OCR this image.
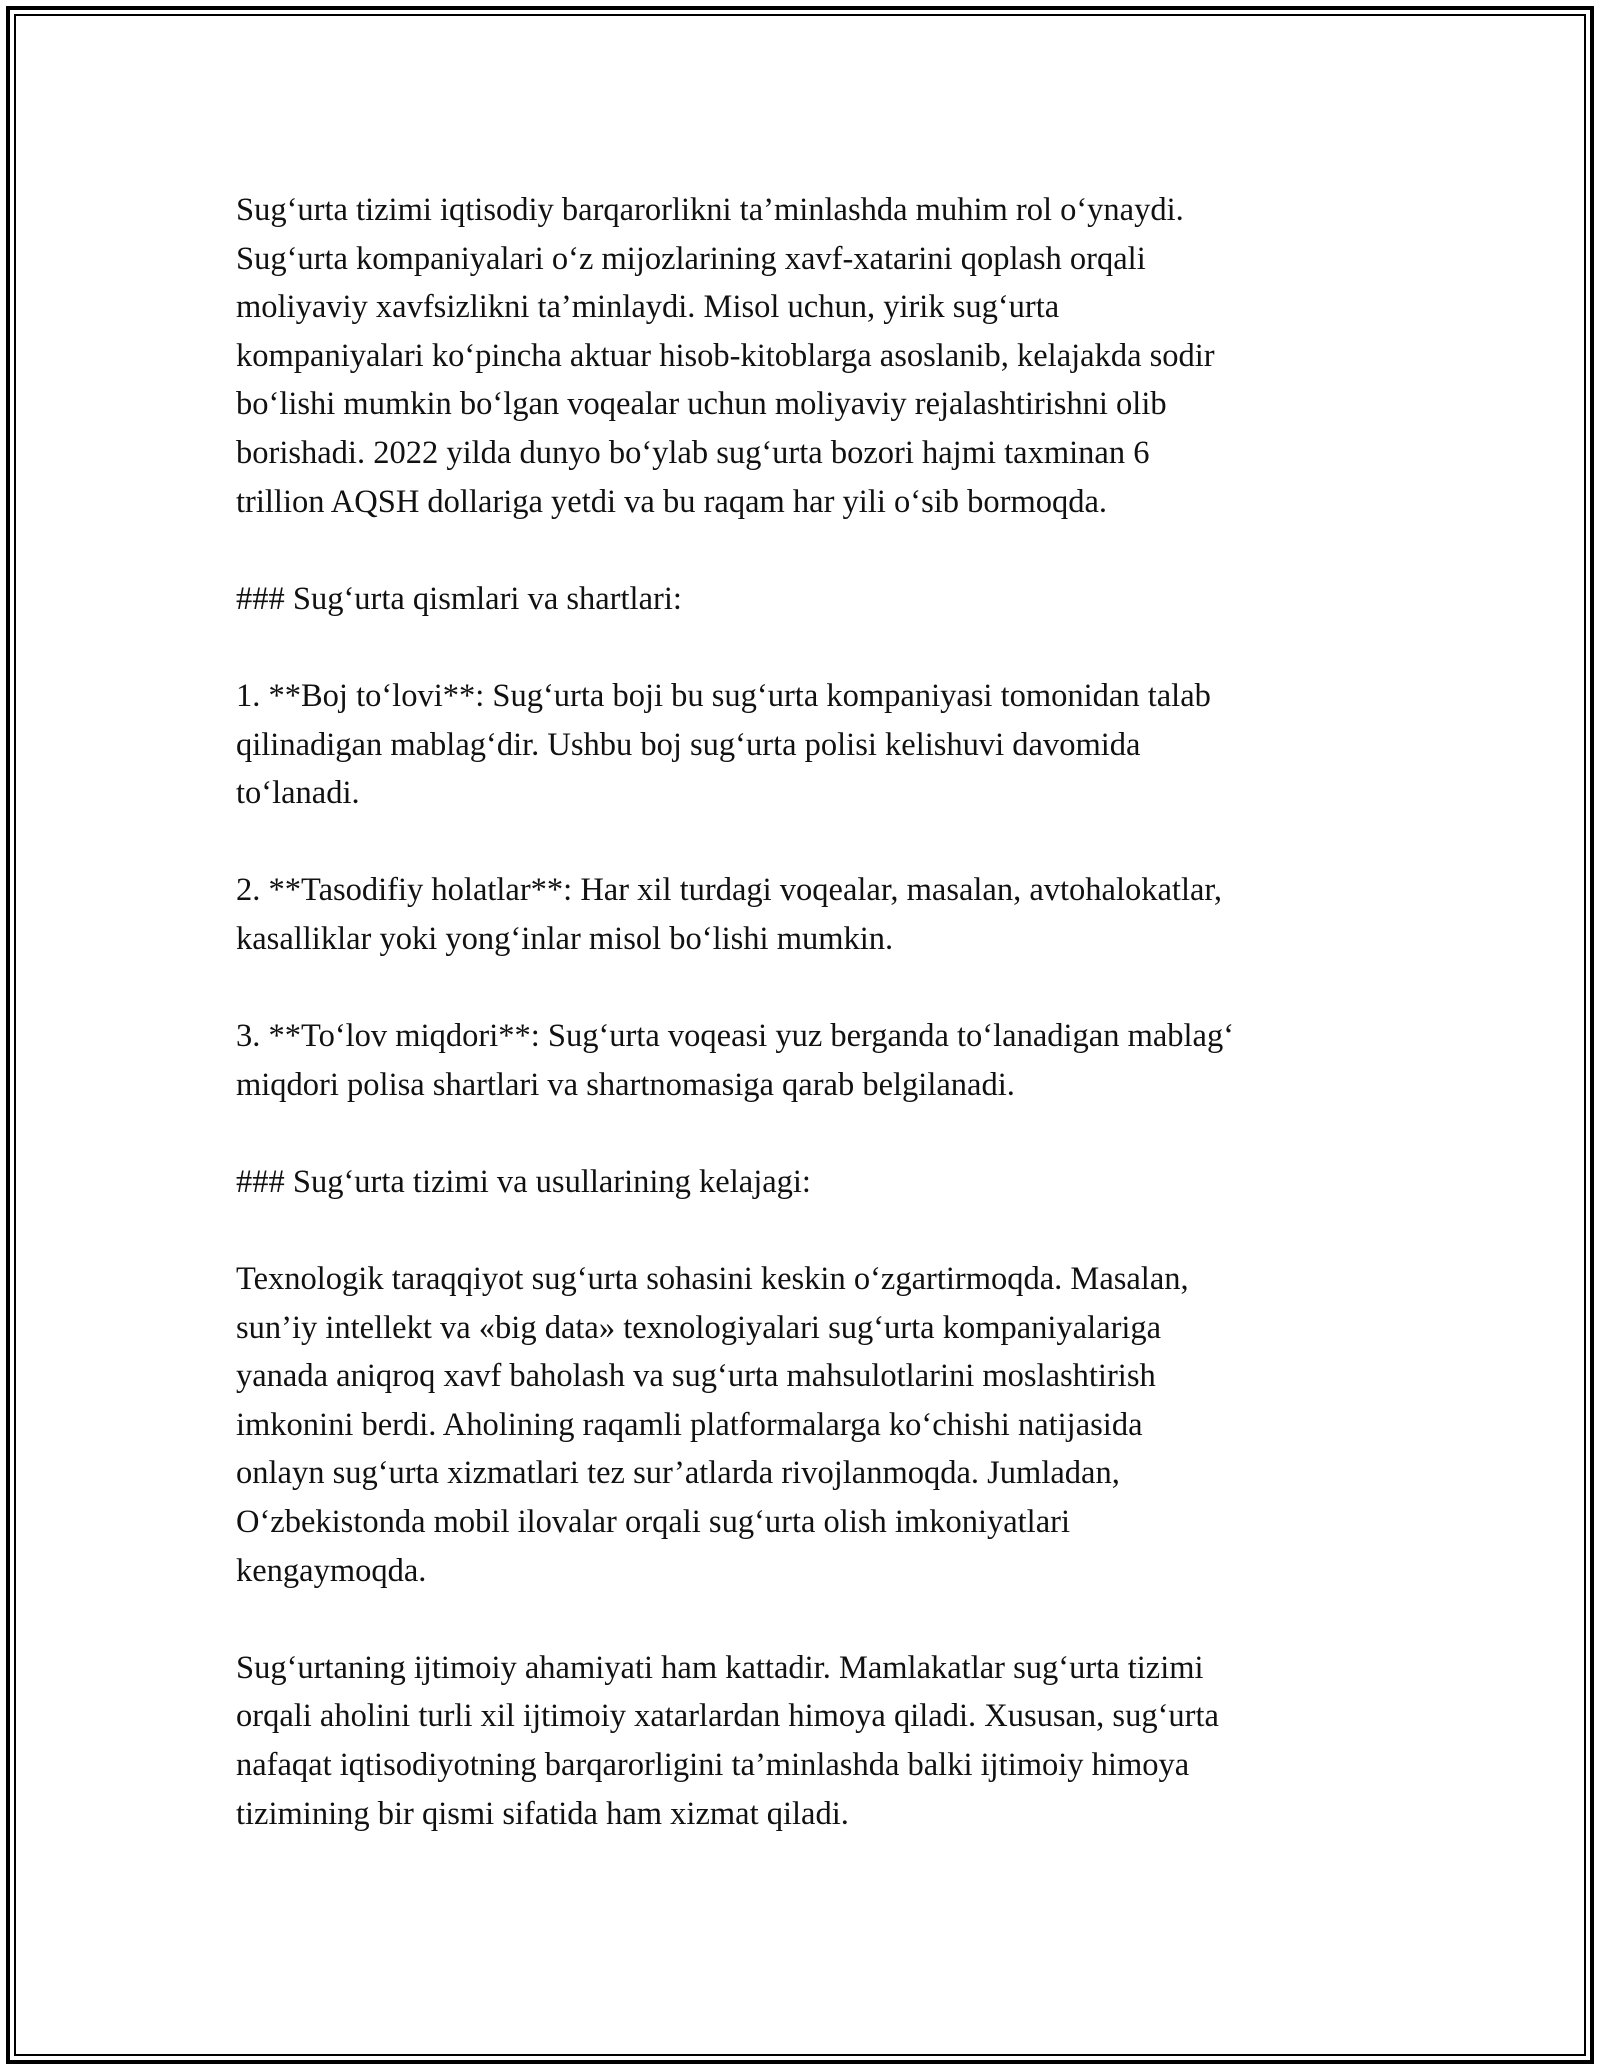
Sug‘urta tizimi iqtisodiy barqarorlikni ta’minlashda muhim rol o‘ynaydi.
Sug‘urta kompaniyalari o‘z mijozlarining xavf-xatarini qoplash orqali
moliyaviy xavfsizlikni ta’minlaydi. Misol uchun, yirik sug‘urta
kompaniyalari ko‘pincha aktuar hisob-kitoblarga asoslanib, kelajakda sodir
bo‘lishi mumkin bo‘lgan voqealar uchun moliyaviy rejalashtirishni olib
borishadi. 2022 yilda dunyo bo‘ylab sug‘urta bozori hajmi taxminan 6
trillion AQSH dollariga yetdi va bu raqam har yili o‘sib bormoqda.

### Sug‘urta qismlari va shartlari:

1. **Boj to‘lovi**: Sug‘urta boji bu sug‘urta kompaniyasi tomonidan talab
qilinadigan mablag‘dir. Ushbu boj sug‘urta polisi kelishuvi davomida
to‘lanadi.

2. **Tasodifiy holatlar**: Har xil turdagi voqealar, masalan, avtohalokatlar,
kasalliklar yoki yong‘inlar misol bo‘lishi mumkin.

3. **To‘lov miqdori**: Sug‘urta voqeasi yuz berganda to‘lanadigan mablag‘
miqdori polisa shartlari va shartnomasiga qarab belgilanadi.

### Sug‘urta tizimi va usullarining kelajagi:

Texnologik taraqqiyot sug‘urta sohasini keskin o‘zgartirmoqda. Masalan,
sun’iy intellekt va «big data» texnologiyalari sug‘urta kompaniyalariga
yanada aniqroq xavf baholash va sug‘urta mahsulotlarini moslashtirish
imkonini berdi. Aholining raqamli platformalarga ko‘chishi natijasida
onlayn sug‘urta xizmatlari tez sur’atlarda rivojlanmoqda. Jumladan,
O‘zbekistonda mobil ilovalar orqali sug‘urta olish imkoniyatlari
kengaymoqda.

Sug‘urtaning ijtimoiy ahamiyati ham kattadir. Mamlakatlar sug‘urta tizimi
orqali aholini turli xil ijtimoiy xatarlardan himoya qiladi. Xususan, sug‘urta
nafaqat iqtisodiyotning barqarorligini ta’minlashda balki ijtimoiy himoya
tizimining bir qismi sifatida ham xizmat qiladi.
